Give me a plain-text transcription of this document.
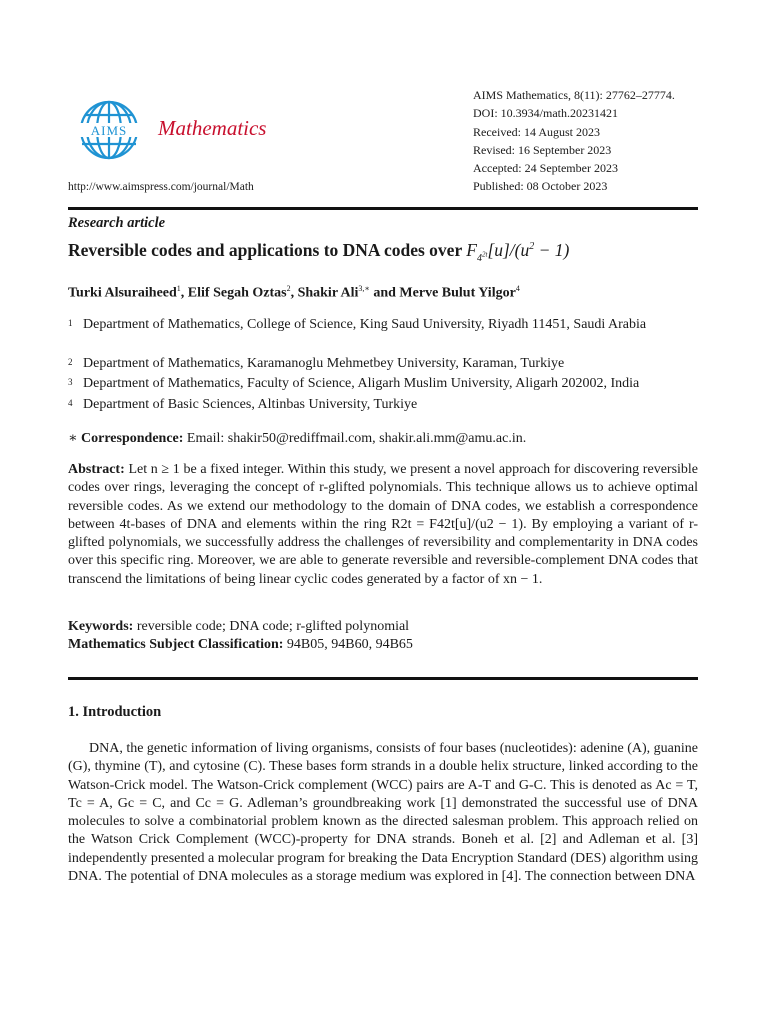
AIMS Mathematics
http://www.aimspress.com/journal/Math
AIMS Mathematics, 8(11): 27762–27774.
DOI: 10.3934/math.20231421
Received: 14 August 2023
Revised: 16 September 2023
Accepted: 24 September 2023
Published: 08 October 2023
Research article
Reversible codes and applications to DNA codes over $F_{4^{2t}}[u]/(u^2 - 1)$
Turki Alsuraiheed$^1$, Elif Segah Oztas$^2$, Shakir Ali$^{3,∗}$ and Merve Bulut Yilgor$^4$
1 Department of Mathematics, College of Science, King Saud University, Riyadh 11451, Saudi Arabia
2 Department of Mathematics, Karamanoglu Mehmetbey University, Karaman, Turkiye
3 Department of Mathematics, Faculty of Science, Aligarh Muslim University, Aligarh 202002, India
4 Department of Basic Sciences, Altinbas University, Turkiye
∗ Correspondence: Email: shakir50@rediffmail.com, shakir.ali.mm@amu.ac.in.
Abstract: Let n ≥ 1 be a fixed integer. Within this study, we present a novel approach for discovering reversible codes over rings, leveraging the concept of r-glifted polynomials. This technique allows us to achieve optimal reversible codes. As we extend our methodology to the domain of DNA codes, we establish a correspondence between 4t-bases of DNA and elements within the ring R2t = F42t[u]/(u2 − 1). By employing a variant of r-glifted polynomials, we successfully address the challenges of reversibility and complementarity in DNA codes over this specific ring. Moreover, we are able to generate reversible and reversible-complement DNA codes that transcend the limitations of being linear cyclic codes generated by a factor of xn − 1.
Keywords: reversible code; DNA code; r-glifted polynomial
Mathematics Subject Classification: 94B05, 94B60, 94B65
1. Introduction
DNA, the genetic information of living organisms, consists of four bases (nucleotides): adenine (A), guanine (G), thymine (T), and cytosine (C). These bases form strands in a double helix structure, linked according to the Watson-Crick model. The Watson-Crick complement (WCC) pairs are A-T and G-C. This is denoted as Ac = T, Tc = A, Gc = C, and Cc = G. Adleman’s groundbreaking work [1] demonstrated the successful use of DNA molecules to solve a combinatorial problem known as the directed salesman problem. This approach relied on the Watson Crick Complement (WCC)-property for DNA strands. Boneh et al. [2] and Adleman et al. [3] independently presented a molecular program for breaking the Data Encryption Standard (DES) algorithm using DNA. The potential of DNA molecules as a storage medium was explored in [4]. The connection between DNA
